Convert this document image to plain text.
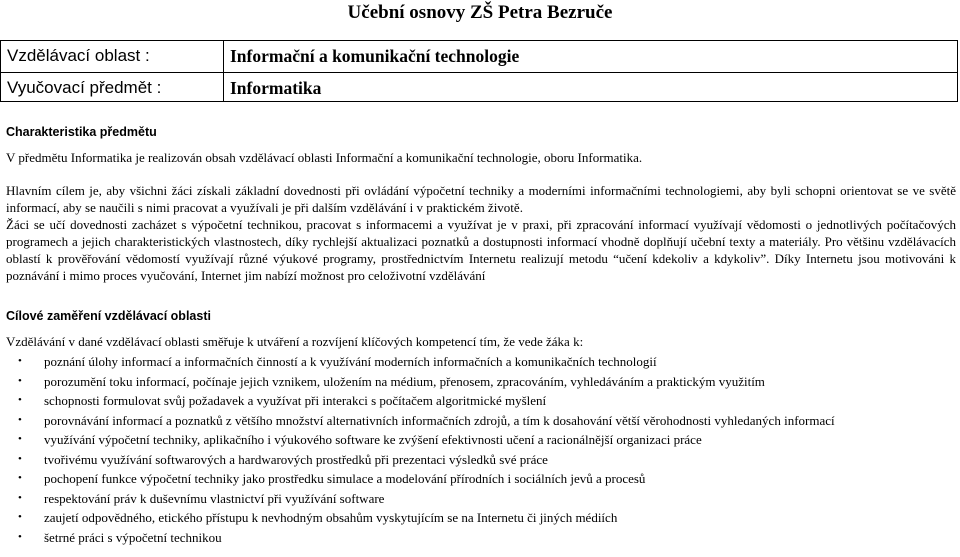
Učební osnovy ZŠ Petra Bezruče
Vzdělávací oblast :	Informační a komunikační technologie
Vyučovací předmět :	Informatika
Charakteristika předmětu
V předmětu Informatika je realizován obsah vzdělávací oblasti Informační a komunikační technologie, oboru Informatika.
Hlavním cílem je, aby všichni žáci získali základní dovednosti při ovládání výpočetní techniky a moderními informačními technologiemi, aby byli schopni orientovat se ve světě informací, aby se naučili s nimi pracovat a využívali je při dalším vzdělávání i v praktickém životě.
Žáci se učí dovednosti zacházet s výpočetní technikou, pracovat s informacemi a využívat je v praxi, při zpracování informací využívají vědomosti o jednotlivých počítačových programech a jejich charakteristických vlastnostech, díky rychlejší aktualizaci poznatků a dostupnosti informací vhodně doplňují učební texty a materiály. Pro většinu vzdělávacích oblastí k prověřování vědomostí využívají různé výukové programy, prostřednictvím Internetu realizují metodu “učení kdekoliv a kdykoliv”. Díky Internetu jsou motivováni k poznávání i mimo proces vyučování, Internet jim nabízí možnost pro celoživotní vzdělávání
Cílové zaměření vzdělávací oblasti
Vzdělávání v dané vzdělávací oblasti směřuje k utváření a rozvíjení klíčových kompetencí tím, že vede žáka k:
• poznání úlohy informací a informačních činností a k využívání moderních informačních a komunikačních technologií
• porozumění toku informací, počínaje jejich vznikem, uložením na médium, přenosem, zpracováním, vyhledáváním a praktickým využitím
• schopnosti formulovat svůj požadavek a využívat při interakci s počítačem algoritmické myšlení
• porovnávání informací a poznatků z většího množství alternativních informačních zdrojů, a tím k dosahování větší věrohodnosti vyhledaných informací
• využívání výpočetní techniky, aplikačního i výukového software ke zvýšení efektivnosti učení a racionálnější organizaci práce
• tvořivému využívání softwarových a hardwarových prostředků při prezentaci výsledků své práce
• pochopení funkce výpočetní techniky jako prostředku simulace a modelování přírodních i sociálních jevů a procesů
• respektování práv k duševnímu vlastnictví při využívání software
• zaujetí odpovědného, etického přístupu k nevhodným obsahům vyskytujícím se na Internetu či jiných médiích
• šetrné práci s výpočetní technikou
